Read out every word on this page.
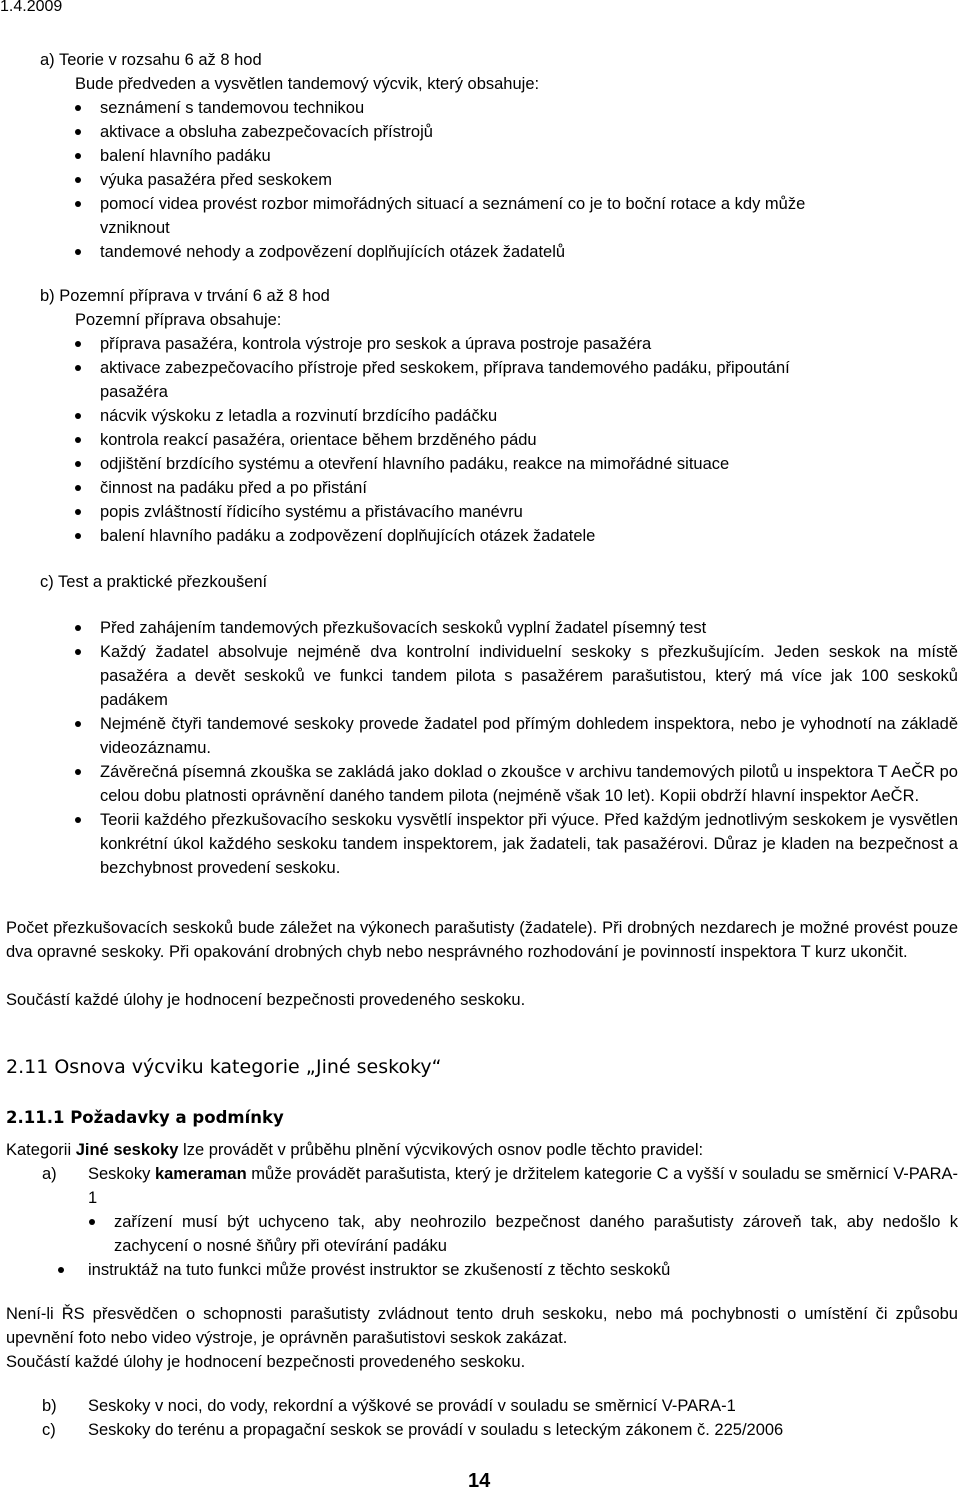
1.4.2009
a) Teorie v rozsahu 6 až 8 hod
Bude předveden a vysvětlen tandemový výcvik, který obsahuje:
seznámení s tandemovou technikou
aktivace a obsluha zabezpečovacích přístrojů
balení hlavního padáku
výuka pasažéra před seskokem
pomocí videa provést rozbor mimořádných situací a seznámení co je to boční rotace a kdy může
vzniknout
tandemové nehody a zodpovězení doplňujících otázek žadatelů
b) Pozemní příprava v trvání 6 až 8 hod
Pozemní příprava obsahuje:
příprava pasažéra, kontrola výstroje pro seskok a úprava postroje pasažéra
aktivace zabezpečovacího přístroje před seskokem, příprava tandemového padáku, připoutání
pasažéra
nácvik výskoku z letadla a rozvinutí brzdícího padáčku
kontrola reakcí pasažéra, orientace během brzděného pádu
odjištění brzdícího systému a otevření hlavního padáku, reakce na mimořádné situace
činnost na padáku před a po přistání
popis zvláštností řídicího systému a přistávacího manévru
balení hlavního padáku a zodpovězení doplňujících otázek žadatele
c) Test a praktické přezkoušení
Před zahájením tandemových přezkušovacích seskoků vyplní žadatel písemný test
Každý žadatel absolvuje nejméně dva kontrolní individuelní seskoky s přezkušujícím. Jeden seskok na místě pasažéra a devět seskoků ve funkci tandem pilota s pasažérem parašutistou, který má více jak 100 seskoků padákem
Nejméně čtyři tandemové seskoky provede žadatel pod přímým dohledem inspektora, nebo je vyhodnotí na základě videozáznamu.
Závěrečná písemná zkouška se zakládá jako doklad o zkoušce v archivu tandemových pilotů u inspektora T AeČR po celou dobu platnosti oprávnění daného tandem pilota (nejméně však 10 let). Kopii obdrží hlavní inspektor AeČR.
Teorii každého přezkušovacího seskoku vysvětlí inspektor při výuce. Před každým jednotlivým seskokem je vysvětlen konkrétní úkol každého seskoku tandem inspektorem, jak žadateli, tak pasažérovi. Důraz je kladen na bezpečnost a bezchybnost provedení seskoku.
Počet přezkušovacích seskoků bude záležet na výkonech parašutisty (žadatele). Při drobných nezdarech je možné provést pouze dva opravné seskoky. Při opakování drobných chyb nebo nesprávného rozhodování je povinností inspektora T kurz ukončit.
Součástí každé úlohy je hodnocení bezpečnosti provedeného seskoku.
2.11 Osnova výcviku kategorie „Jiné seskoky“
2.11.1 Požadavky a podmínky
Kategorii Jiné seskoky lze provádět v průběhu plnění výcvikových osnov podle těchto pravidel:
a)	Seskoky kameraman může provádět parašutista, který je držitelem kategorie C a vyšší v souladu se směrnicí V-PARA-1
zařízení musí být uchyceno tak, aby neohrozilo bezpečnost daného parašutisty zároveň tak, aby nedošlo k zachycení o nosné šňůry při otevírání padáku
instruktáž na tuto funkci může provést instruktor se zkušeností z těchto seskoků
Není-li ŘS přesvědčen o schopnosti parašutisty zvládnout tento druh seskoku, nebo má pochybnosti o umístění či způsobu upevnění foto nebo video výstroje, je oprávněn parašutistovi seskok zakázat.
Součástí každé úlohy je hodnocení bezpečnosti provedeného seskoku.
b) Seskoky v noci, do vody, rekordní a výškové se provádí v souladu se směrnicí V-PARA-1
c) Seskoky do terénu a propagační seskok se provádí v souladu s leteckým zákonem č. 225/2006
14
